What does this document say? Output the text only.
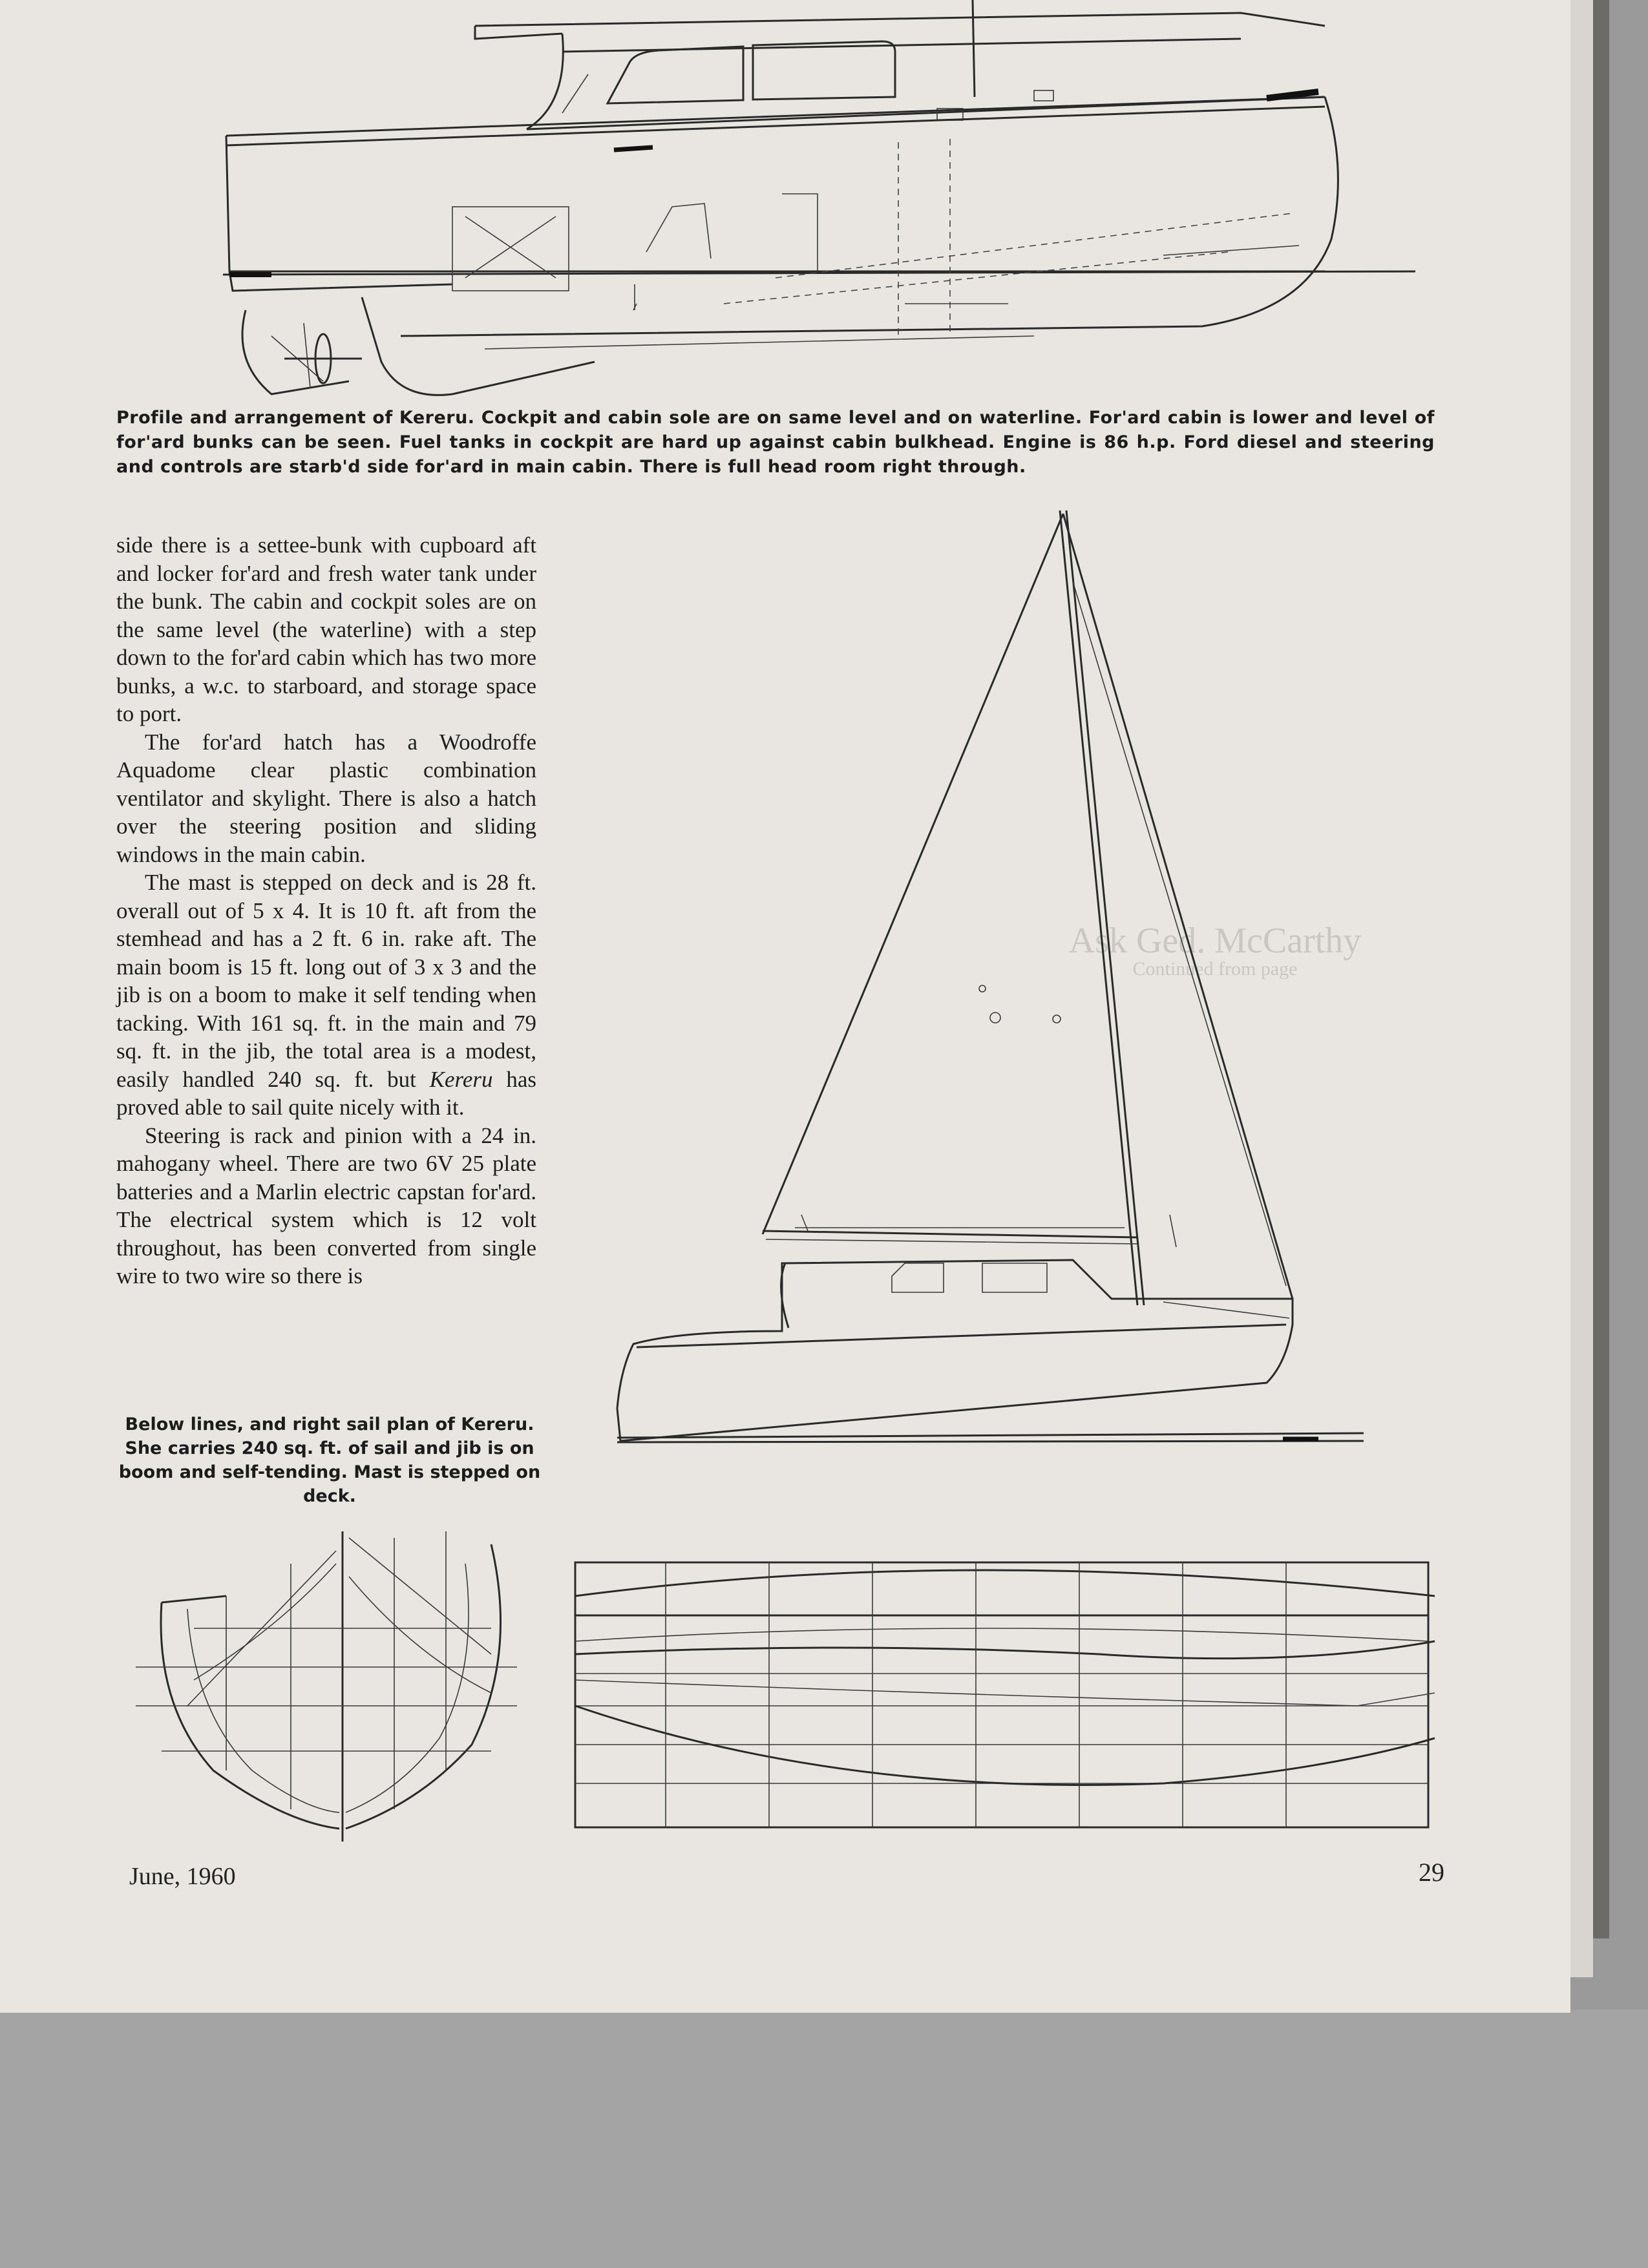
Ask Ged. McCarthy

Continued from page

Profile and arrangement of Kereru. Cockpit and cabin sole are on same level and on waterline. For'ard cabin is lower and level of for'ard bunks can be seen. Fuel tanks in cockpit are hard up against cabin bulkhead. Engine is 86 h.p. Ford diesel and steering and controls are starb'd side for'ard in main cabin. There is full head room right through.

side there is a settee-bunk with cupboard aft and locker for'ard and fresh water tank under the bunk. The cabin and cockpit soles are on the same level (the waterline) with a step down to the for'ard cabin which has two more bunks, a w.c. to starboard, and storage space to port.

The for'ard hatch has a Woodroffe Aquadome clear plastic combination ventilator and skylight. There is also a hatch over the steering position and sliding windows in the main cabin.

The mast is stepped on deck and is 28 ft. overall out of 5 x 4. It is 10 ft. aft from the stemhead and has a 2 ft. 6 in. rake aft. The main boom is 15 ft. long out of 3 x 3 and the jib is on a boom to make it self tending when tacking. With 161 sq. ft. in the main and 79 sq. ft. in the jib, the total area is a modest, easily handled 240 sq. ft. but Kereru has proved able to sail quite nicely with it.

Steering is rack and pinion with a 24 in. mahogany wheel. There are two 6V 25 plate batteries and a Marlin electric capstan for'ard. The electrical system which is 12 volt throughout, has been converted from single wire to two wire so there is

Below lines, and right sail plan of Kereru. She carries 240 sq. ft. of sail and jib is on boom and self-tending. Mast is stepped on deck.
June, 1960	29
